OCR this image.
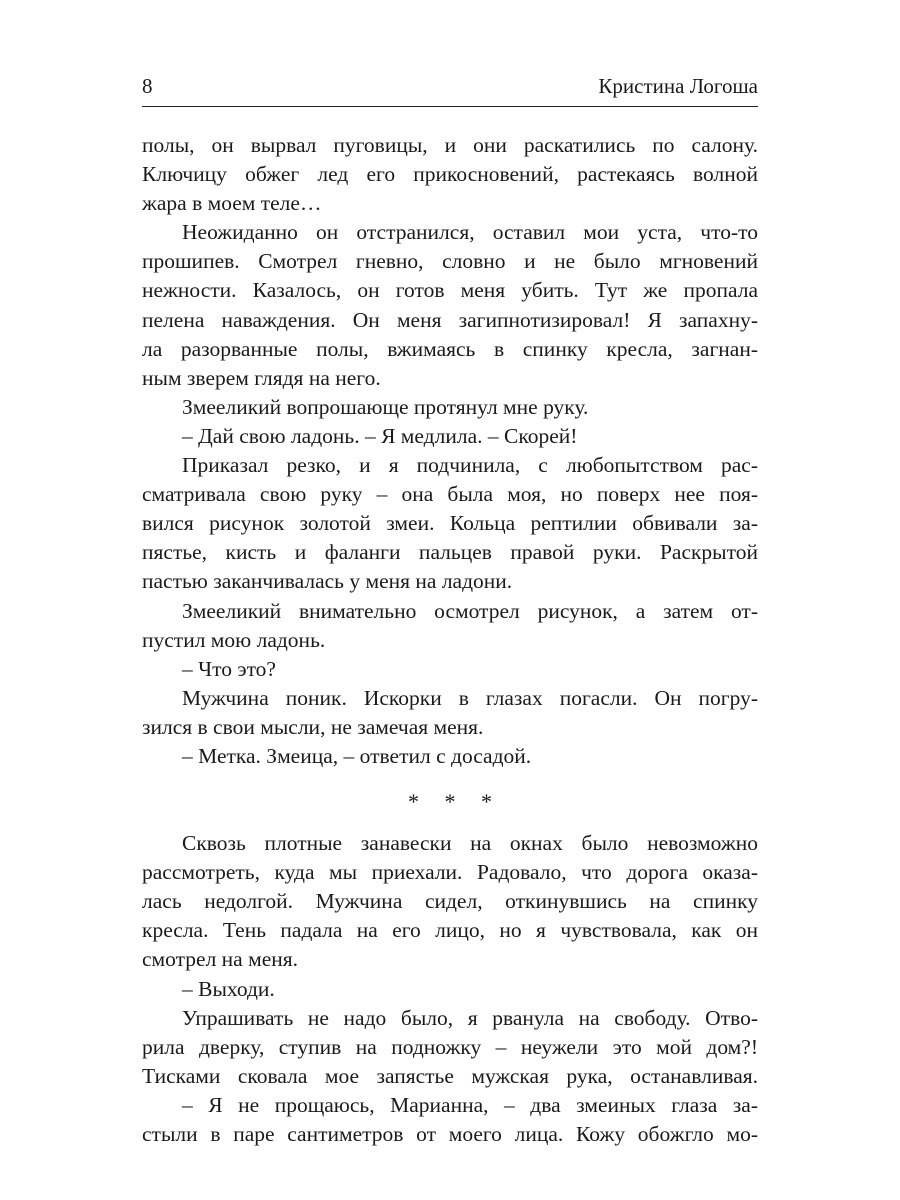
8	Кристина Логоша
полы, он вырвал пуговицы, и они раскатились по салону.
Ключицу обжег лед его прикосновений, растекаясь волной
жара в моем теле…
Неожиданно он отстранился, оставил мои уста, что-то
прошипев. Смотрел гневно, словно и не было мгновений
нежности. Казалось, он готов меня убить. Тут же пропала
пелена наваждения. Он меня загипнотизировал! Я запахну-
ла разорванные полы, вжимаясь в спинку кресла, загнан-
ным зверем глядя на него.
Змееликий вопрошающе протянул мне руку.
– Дай свою ладонь. – Я медлила. – Скорей!
Приказал резко, и я подчинила, с любопытством рас-
сматривала свою руку – она была моя, но поверх нее поя-
вился рисунок золотой змеи. Кольца рептилии обвивали за-
пястье, кисть и фаланги пальцев правой руки. Раскрытой
пастью заканчивалась у меня на ладони.
Змееликий внимательно осмотрел рисунок, а затем от-
пустил мою ладонь.
– Что это?
Мужчина поник. Искорки в глазах погасли. Он погру-
зился в свои мысли, не замечая меня.
– Метка. Змеица, – ответил с досадой.
* * *
Сквозь плотные занавески на окнах было невозможно
рассмотреть, куда мы приехали. Радовало, что дорога оказа-
лась недолгой. Мужчина сидел, откинувшись на спинку
кресла. Тень падала на его лицо, но я чувствовала, как он
смотрел на меня.
– Выходи.
Упрашивать не надо было, я рванула на свободу. Отво-
рила дверку, ступив на подножку – неужели это мой дом?!
Тисками сковала мое запястье мужская рука, останавливая.
– Я не прощаюсь, Марианна, – два змеиных глаза за-
стыли в паре сантиметров от моего лица. Кожу обожгло мо-
